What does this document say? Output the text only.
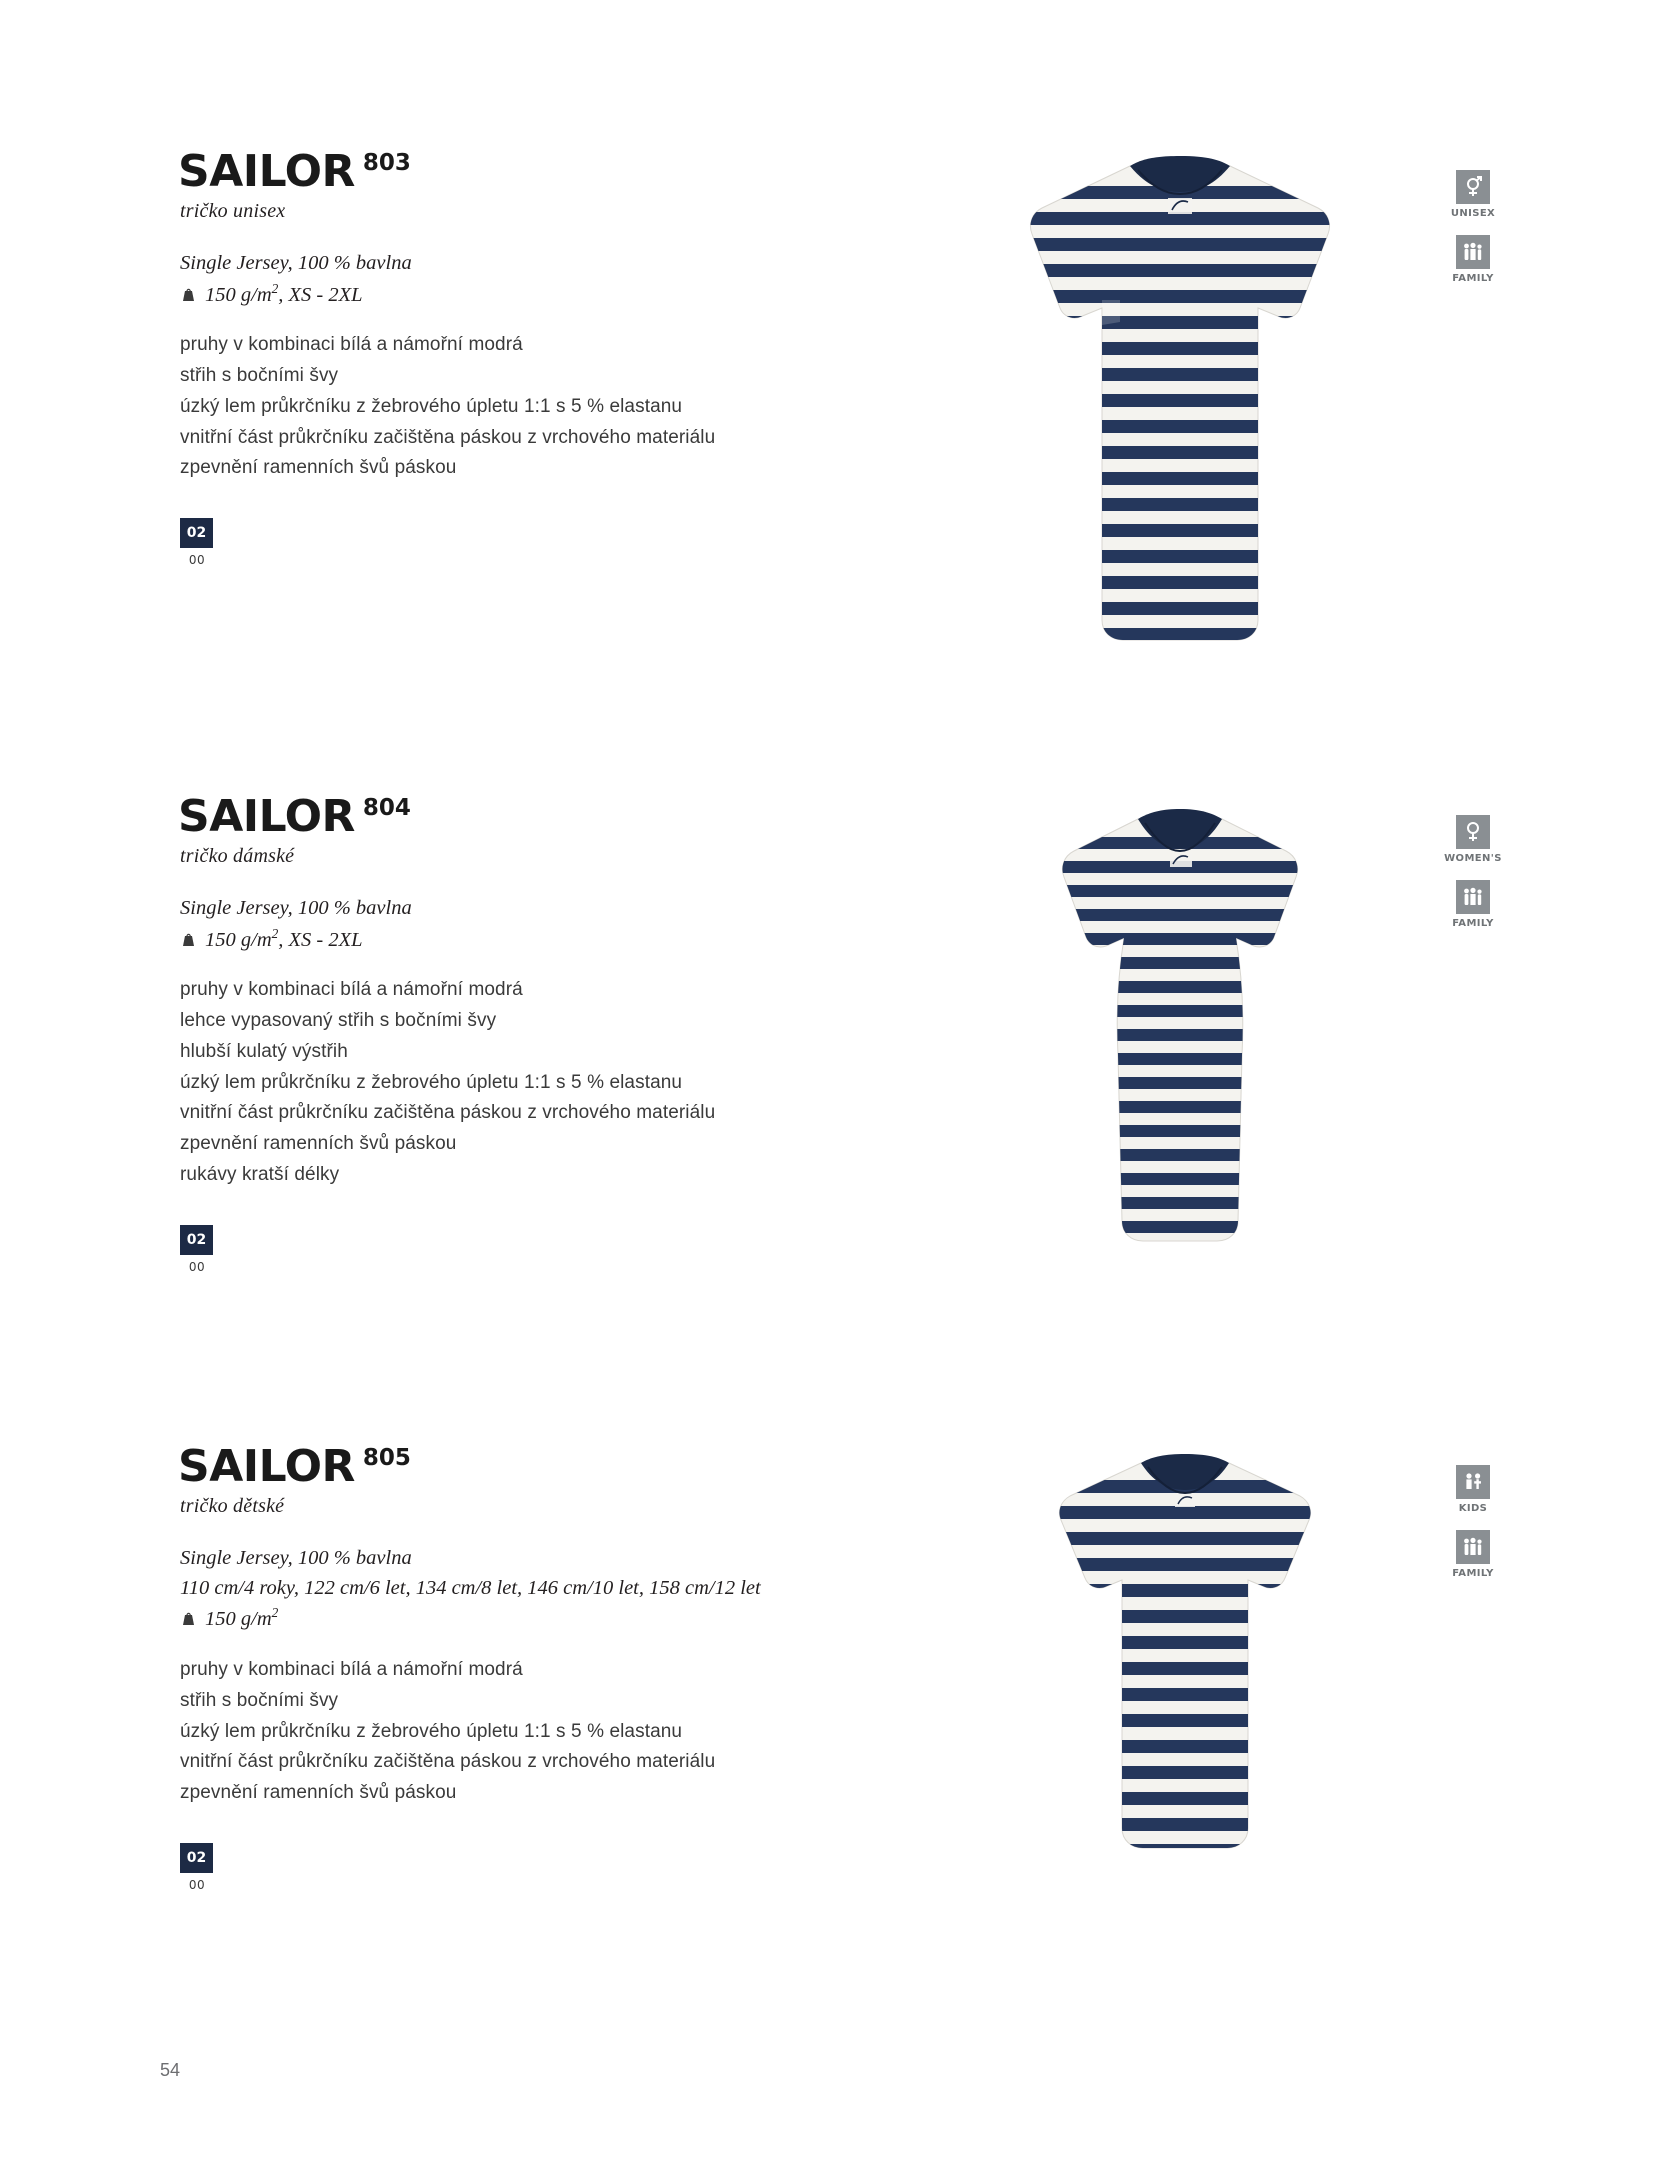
SAILOR 803
tričko unisex
Single Jersey, 100 % bavlna
150 $g/m^2$, XS - 2XL
pruhy v kombinaci bílá a námořní modrá
střih s bočními švy
úzký lem průkrčníku z žebrového úpletu 1:1 s 5 % elastanu
vnitřní část průkrčníku začištěna páskou z vrchového materiálu
zpevnění ramenních švů páskou
02
00
UNISEX
FAMILY
SAILOR 804
tričko dámské
Single Jersey, 100 % bavlna
150 $g/m^2$, XS - 2XL
pruhy v kombinaci bílá a námořní modrá
lehce vypasovaný střih s bočními švy
hlubší kulatý výstřih
úzký lem průkrčníku z žebrového úpletu 1:1 s 5 % elastanu
vnitřní část průkrčníku začištěna páskou z vrchového materiálu
zpevnění ramenních švů páskou
rukávy kratší délky
02
00
WOMEN'S
FAMILY
SAILOR 805
tričko dětské
Single Jersey, 100 % bavlna
110 cm/4 roky, 122 cm/6 let, 134 cm/8 let, 146 cm/10 let, 158 cm/12 let
150 $g/m^2$
pruhy v kombinaci bílá a námořní modrá
střih s bočními švy
úzký lem průkrčníku z žebrového úpletu 1:1 s 5 % elastanu
vnitřní část průkrčníku začištěna páskou z vrchového materiálu
zpevnění ramenních švů páskou
02
00
KIDS
FAMILY
54
